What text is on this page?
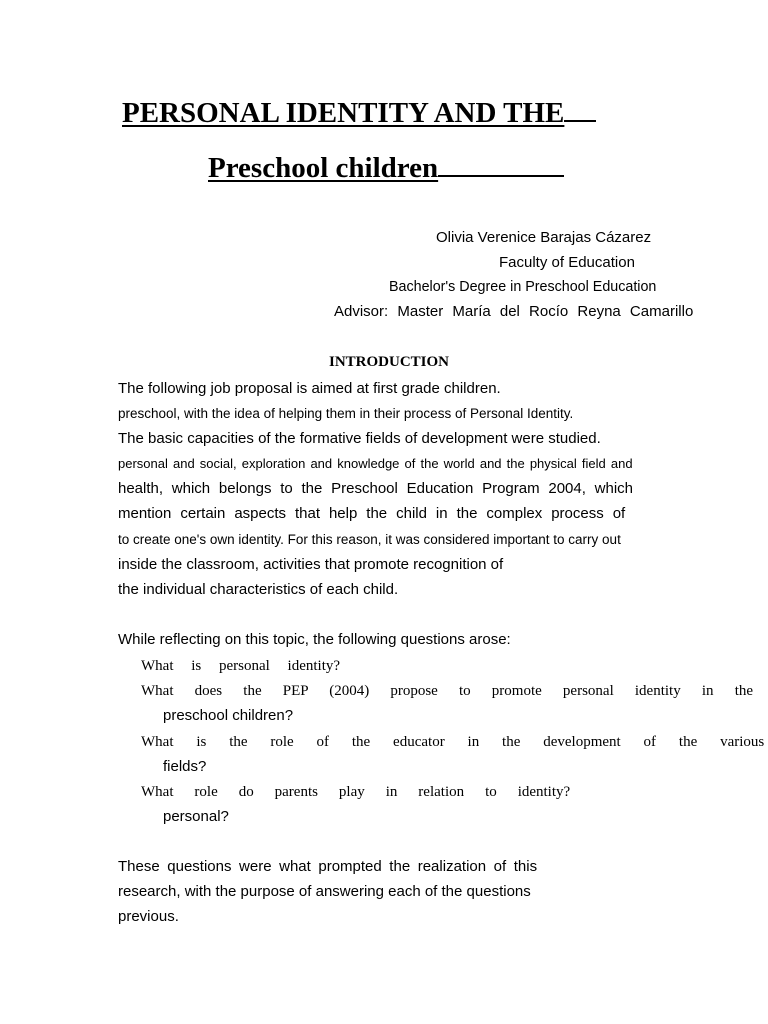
PERSONAL IDENTITY AND THE
Preschool children
Olivia Verenice Barajas Cázarez
Faculty of Education
Bachelor's Degree in Preschool Education
Advisor: Master María del Rocío Reyna Camarillo
INTRODUCTION
The following job proposal is aimed at first grade children.
preschool, with the idea of helping them in their process of Personal Identity.
The basic capacities of the formative fields of development were studied.
personal and social, exploration and knowledge of the world and the physical field and
health, which belongs to the Preschool Education Program 2004, which
mention certain aspects that help the child in the complex process of
to create one's own identity. For this reason, it was considered important to carry out
inside the classroom, activities that promote recognition of
the individual characteristics of each child.
While reflecting on this topic, the following questions arose:
What is personal identity?
What does the PEP (2004) propose to promote personal identity in the
preschool children?
What is the role of the educator in the development of the various
fields?
What role do parents play in relation to identity?
personal?
These questions were what prompted the realization of this
research, with the purpose of answering each of the questions
previous.
